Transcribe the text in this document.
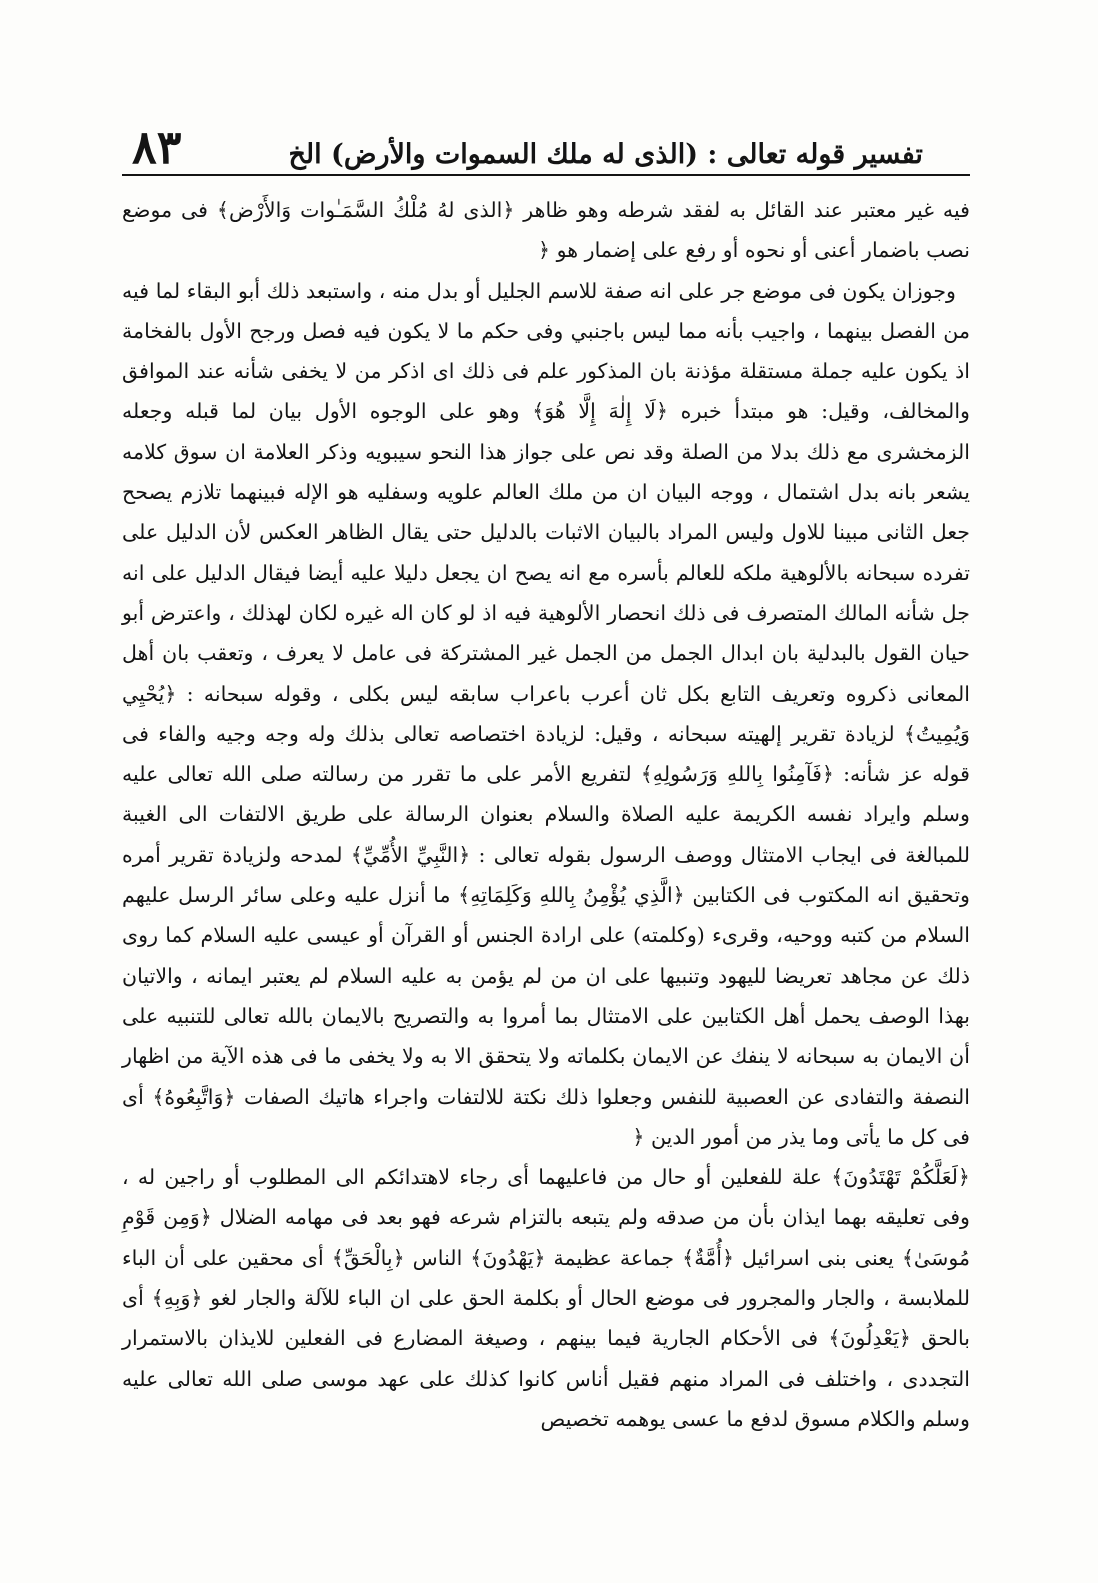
تفسير قوله تعالى : (الذى له ملك السموات والأرض) الخ
٨٣

فيه غير معتبر عند القائل به لفقد شرطه وهو ظاهر ﴿الذى لهُ مُلْكُ السَّمَـٰوات وَالأَرْض﴾ فى موضع نصب باضمار أعنى أو نحوه أو رفع على إضمار هو ﴿

وجوزان يكون فى موضع جر على انه صفة للاسم الجليل أو بدل منه ، واستبعد ذلك أبو البقاء لما فيه من الفصل بينهما ، واجيب بأنه مما ليس باجنبي وفى حكم ما لا يكون فيه فصل ورجح الأول بالفخامة اذ يكون عليه جملة مستقلة مؤذنة بان المذكور علم فى ذلك اى اذكر من لا يخفى شأنه عند الموافق والمخالف، وقيل: هو مبتدأ خبره ﴿لَا إِلٰهَ إِلَّا هُوَ﴾ وهو على الوجوه الأول بيان لما قبله وجعله الزمخشرى مع ذلك بدلا من الصلة وقد نص على جواز هذا النحو سيبويه وذكر العلامة ان سوق كلامه يشعر بانه بدل اشتمال ، ووجه البيان ان من ملك العالم علويه وسفليه هو الإله فبينهما تلازم يصحح جعل الثانى مبينا للاول وليس المراد بالبيان الاثبات بالدليل حتى يقال الظاهر العكس لأن الدليل على تفرده سبحانه بالألوهية ملكه للعالم بأسره مع انه يصح ان يجعل دليلا عليه أيضا فيقال الدليل على انه جل شأنه المالك المتصرف فى ذلك انحصار الألوهية فيه اذ لو كان اله غيره لكان لهذلك ، واعترض أبو حيان القول بالبدلية بان ابدال الجمل من الجمل غير المشتركة فى عامل لا يعرف ، وتعقب بان أهل المعانى ذكروه وتعريف التابع بكل ثان أعرب باعراب سابقه ليس بكلى ، وقوله سبحانه : ﴿يُحْيِي وَيُمِيتُ﴾ لزيادة تقرير إلهيته سبحانه ، وقيل: لزيادة اختصاصه تعالى بذلك وله وجه وجيه والفاء فى قوله عز شأنه: ﴿فَآمِنُوا بِاللهِ وَرَسُولِهِ﴾ لتفريع الأمر على ما تقرر من رسالته صلى الله تعالى عليه وسلم وايراد نفسه الكريمة عليه الصلاة والسلام بعنوان الرسالة على طريق الالتفات الى الغيبة للمبالغة فى ايجاب الامتثال ووصف الرسول بقوله تعالى : ﴿النَّبِيِّ الأُمِّيِّ﴾ لمدحه ولزيادة تقرير أمره وتحقيق انه المكتوب فى الكتابين ﴿الَّذِي يُؤْمِنُ بِاللهِ وَكَلِمَاتِهِ﴾ ما أنزل عليه وعلى سائر الرسل عليهم السلام من كتبه ووحيه، وقرىء (وكلمته) على ارادة الجنس أو القرآن أو عيسى عليه السلام كما روى ذلك عن مجاهد تعريضا لليهود وتنبيها على ان من لم يؤمن به عليه السلام لم يعتبر ايمانه ، والاتيان بهذا الوصف يحمل أهل الكتابين على الامتثال بما أمروا به والتصريح بالايمان بالله تعالى للتنبيه على أن الايمان به سبحانه لا ينفك عن الايمان بكلماته ولا يتحقق الا به ولا يخفى ما فى هذه الآية من اظهار النصفة والتفادى عن العصبية للنفس وجعلوا ذلك نكتة للالتفات واجراء هاتيك الصفات ﴿وَاتَّبِعُوهُ﴾ أى فى كل ما يأتى وما يذر من أمور الدين ﴿

﴿لَعَلَّكُمْ تَهْتَدُونَ﴾ علة للفعلين أو حال من فاعليهما أى رجاء لاهتدائكم الى المطلوب أو راجين له ، وفى تعليقه بهما ايذان بأن من صدقه ولم يتبعه بالتزام شرعه فهو بعد فى مهامه الضلال ﴿وَمِن قَوْمِ مُوسَىٰ﴾ يعنى بنى اسرائيل ﴿أُمَّةٌ﴾ جماعة عظيمة ﴿يَهْدُونَ﴾ الناس ﴿بِالْحَقِّ﴾ أى محقين على أن الباء للملابسة ، والجار والمجرور فى موضع الحال أو بكلمة الحق على ان الباء للآلة والجار لغو ﴿وَبِهِ﴾ أى بالحق ﴿يَعْدِلُونَ﴾ فى الأحكام الجارية فيما بينهم ، وصيغة المضارع فى الفعلين للايذان بالاستمرار التجددى ، واختلف فى المراد منهم فقيل أناس كانوا كذلك على عهد موسى صلى الله تعالى عليه وسلم والكلام مسوق لدفع ما عسى يوهمه تخصيص
